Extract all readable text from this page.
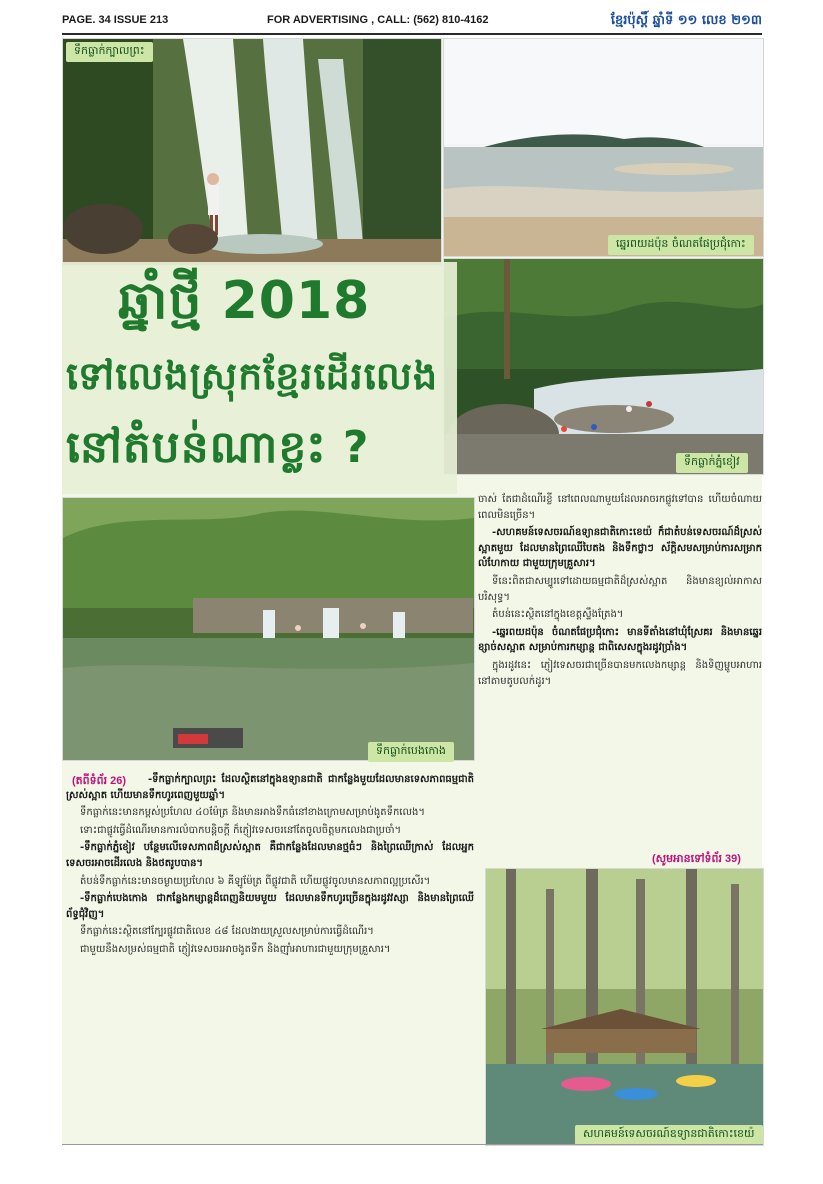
PAGE. 34 ISSUE 213	FOR ADVERTISING , CALL: (562) 810-4162	ខ្មែរប៉ុស្ដិ៍ ឆ្នាំទី ១១ លេខ ២១៣
ទឹកធ្លាក់ក្បាលព្រះ
ឆ្នេរពយដប៉ុន ចំណតផែប្រជុំកោះ
ទឹកធ្លាក់ភ្នំខៀវ
ឆ្នាំថ្មី 2018
ទៅលេងស្រុកខ្មែរដើរលេង
នៅតំបន់ណាខ្លះ ?
ទឹកធ្លាក់បេងកោង

ចាស់ តែជាដំណើរខ្លី នៅពេលណាមួយដែលអាចរកផ្លូវទៅបាន ហើយចំណាយពេលមិនច្រើន។

-សហគមន៍ទេសចរណ៍ឧទ្យានជាតិកោះខេយ៉ ក៏ជាតំបន់ទេសចរណ៍ដ៏ស្រស់ស្អាតមួយ ដែលមានព្រៃឈើបៃតង និងទឹកថ្លាៗ ស័ក្ដិសមសម្រាប់ការសម្រាកលំហែកាយ ជាមួយក្រុមគ្រួសារ។

ទីនេះពិតជាសម្បូរទៅដោយធម្មជាតិដ៏ស្រស់ស្អាត និងមានខ្យល់អាកាសបរិសុទ្ធ។

តំបន់នេះស្ថិតនៅក្នុងខេត្តស្ទឹងត្រែង។

-ឆ្នេរពយដប៉ុន ចំណតផែប្រជុំកោះ មានទីតាំងនៅឃុំស្រែគរ និងមានឆ្នេរខ្សាច់សស្អាត សម្រាប់ការកម្សាន្ត ជាពិសេសក្នុងរដូវប្រាំង។

ក្នុងរដូវនេះ ភ្ញៀវទេសចរជាច្រើនបានមកលេងកម្សាន្ត និងទិញម្ហូបអាហារ នៅតាមតូបលក់ដូរ។

(សូមអានទៅទំព័រ 39)
(តពីទំព័រ 26)	-ទឹកធ្លាក់ក្បាលព្រះ ដែលស្ថិតនៅក្នុងឧទ្យានជាតិ ជាកន្លែងមួយដែលមានទេសភាពធម្មជាតិស្រស់ស្អាត ហើយមានទឹកហូរពេញមួយឆ្នាំ។

ទឹកធ្លាក់នេះមានកម្ពស់ប្រហែល ៤០ម៉ែត្រ និងមានអាងទឹកធំនៅខាងក្រោមសម្រាប់ងូតទឹកលេង។

ទោះជាផ្លូវធ្វើដំណើរមានការលំបាកបន្តិចក្តី ក៏ភ្ញៀវទេសចរនៅតែចូលចិត្តមកលេងជាប្រចាំ។

-ទឹកធ្លាក់ភ្នំខៀវ បន្ថែមលើទេសភាពដ៏ស្រស់ស្អាត គឺជាកន្លែងដែលមានថ្មធំៗ និងព្រៃឈើក្រាស់ ដែលអ្នកទេសចរអាចដើរលេង និងថតរូបបាន។

តំបន់ទឹកធ្លាក់នេះមានចម្ងាយប្រហែល ៦ គីឡូម៉ែត្រ ពីផ្លូវជាតិ ហើយផ្លូវចូលមានសភាពល្អប្រសើរ។

-ទឹកធ្លាក់បេងកោង ជាកន្លែងកម្សាន្តដ៏ពេញនិយមមួយ ដែលមានទឹកហូរច្រើនក្នុងរដូវវស្សា និងមានព្រៃឈើព័ទ្ធជុំវិញ។

ទឹកធ្លាក់នេះស្ថិតនៅក្បែរផ្លូវជាតិលេខ ៤៨ ដែលងាយស្រួលសម្រាប់ការធ្វើដំណើរ។

ជាមួយនឹងសម្រស់ធម្មជាតិ ភ្ញៀវទេសចរអាចងូតទឹក និងញ៉ាំអាហារជាមួយក្រុមគ្រួសារ។

សហគមន៍ទេសចរណ៍ឧទ្យានជាតិកោះខេយ៉
